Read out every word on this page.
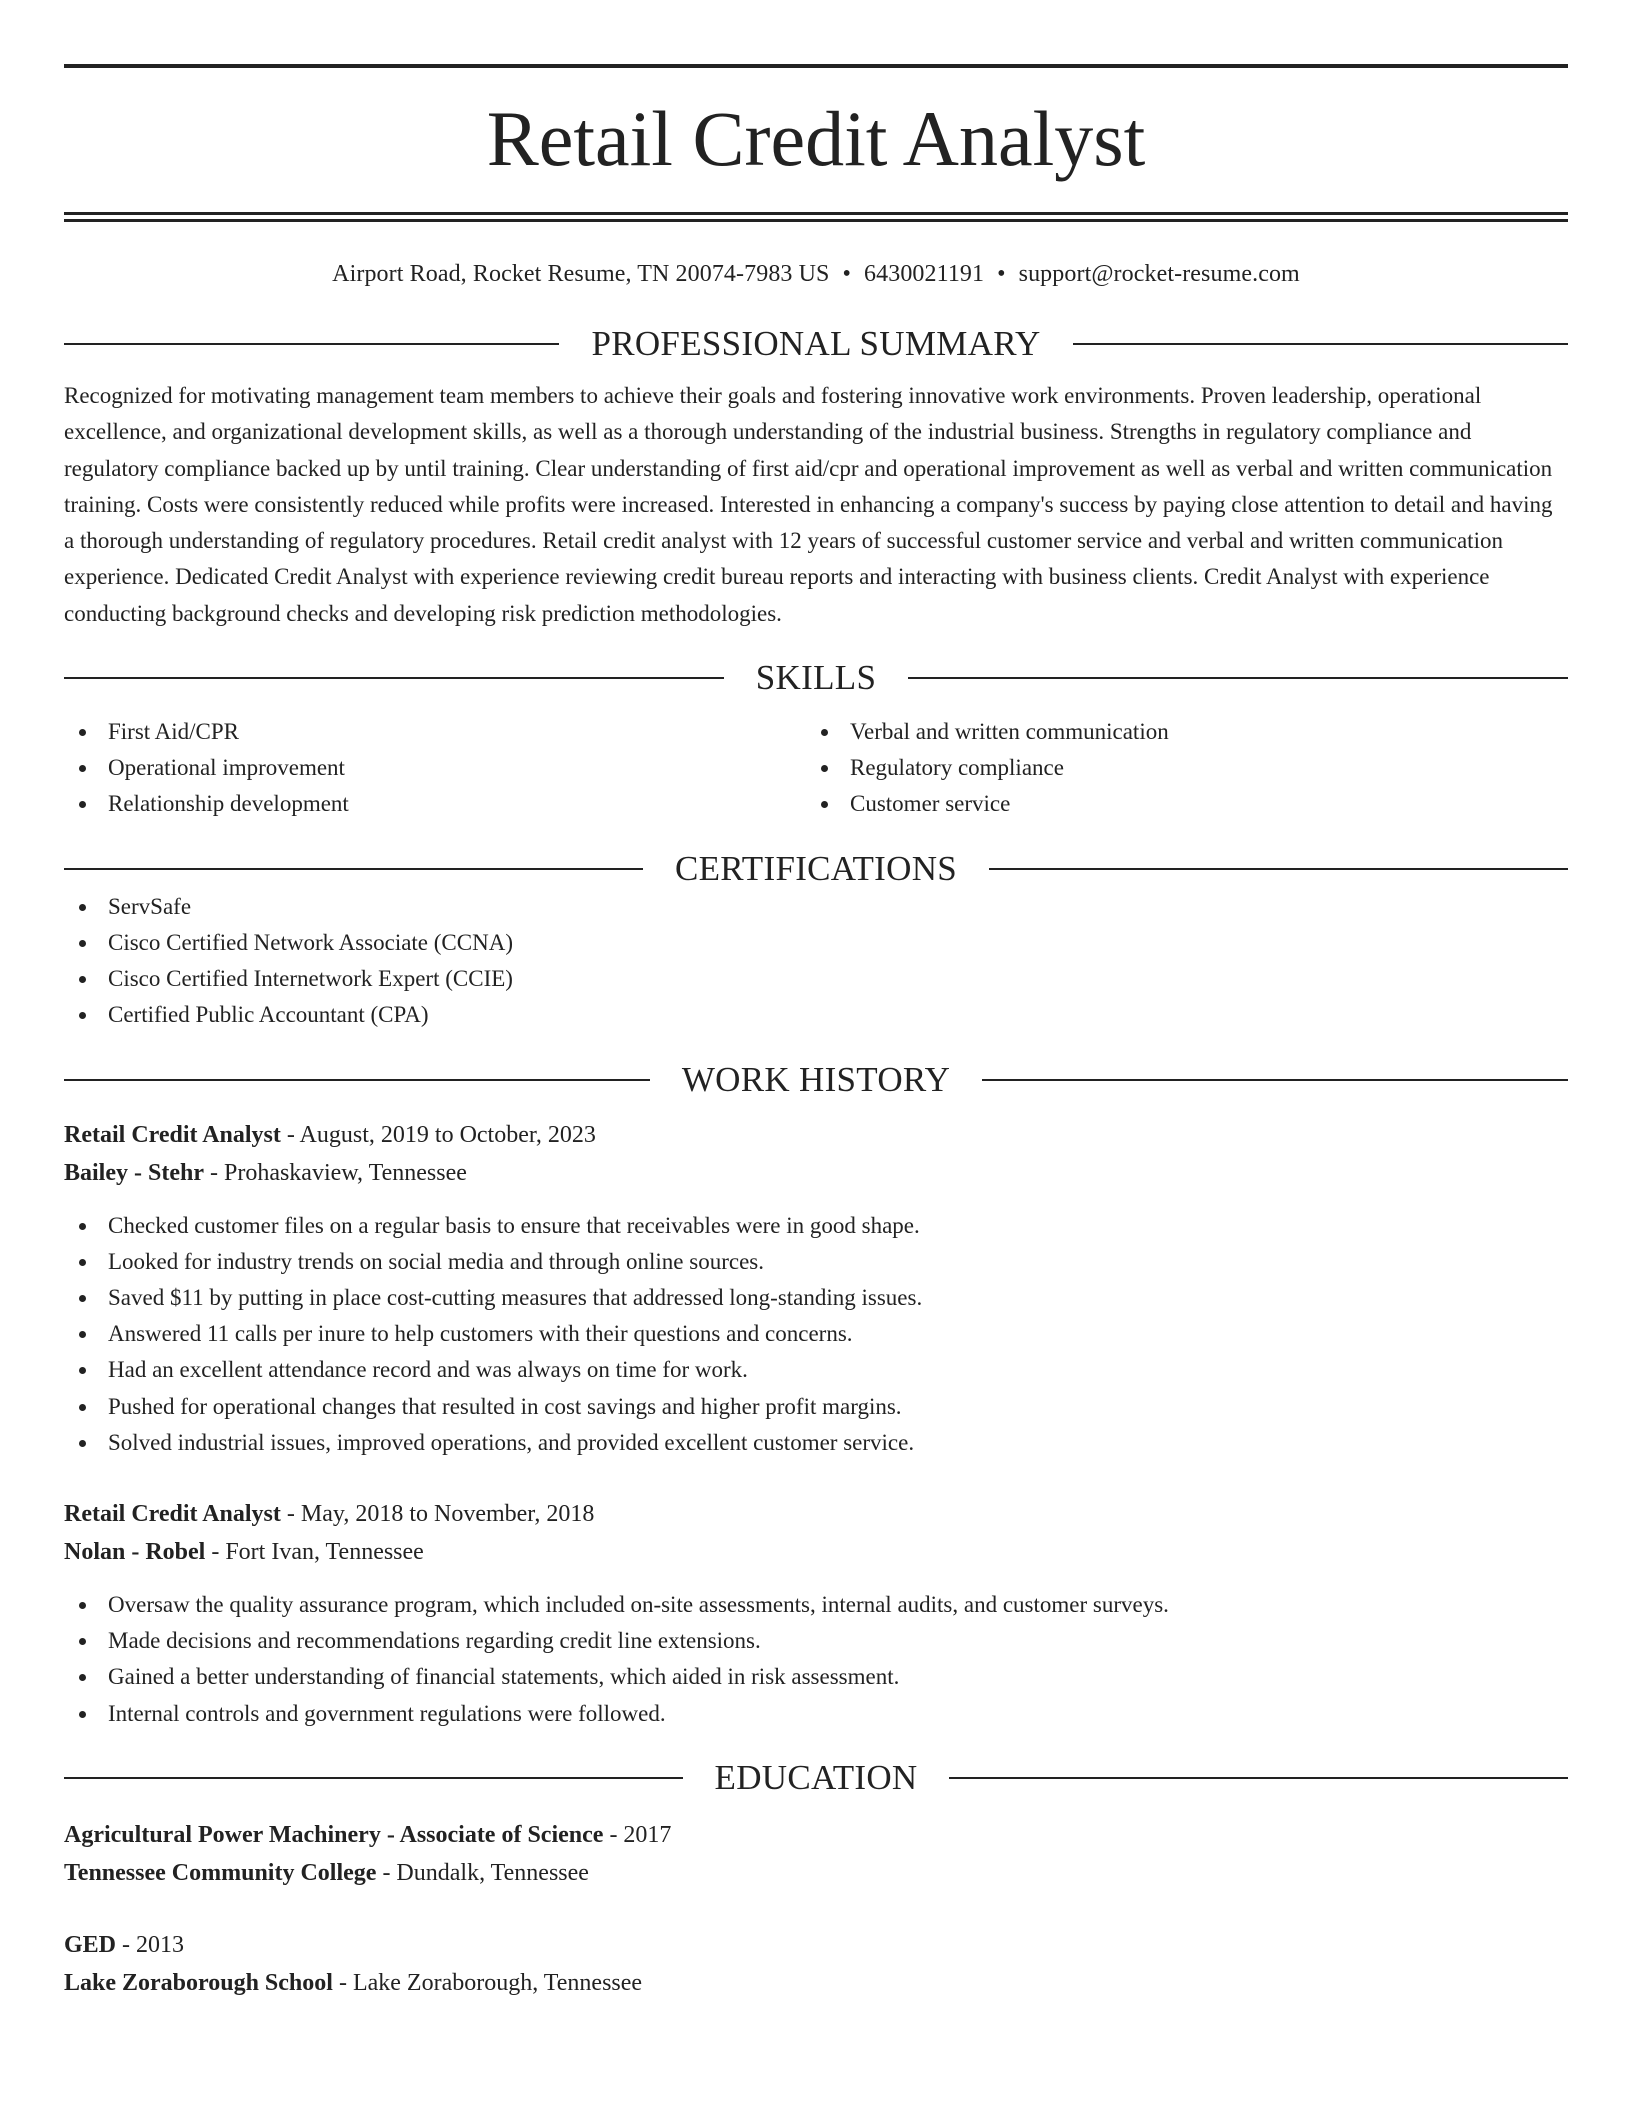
Retail Credit Analyst
Airport Road, Rocket Resume, TN 20074-7983 US • 6430021191 • support@rocket-resume.com
PROFESSIONAL SUMMARY

Recognized for motivating management team members to achieve their goals and fostering innovative work environments. Proven leadership, operational excellence, and organizational development skills, as well as a thorough understanding of the industrial business. Strengths in regulatory compliance and regulatory compliance backed up by until training. Clear understanding of first aid/cpr and operational improvement as well as verbal and written communication training. Costs were consistently reduced while profits were increased. Interested in enhancing a company's success by paying close attention to detail and having a thorough understanding of regulatory procedures. Retail credit analyst with 12 years of successful customer service and verbal and written communication experience. Dedicated Credit Analyst with experience reviewing credit bureau reports and interacting with business clients. Credit Analyst with experience conducting background checks and developing risk prediction methodologies.

SKILLS
First Aid/CPR
Operational improvement
Relationship development
Verbal and written communication
Regulatory compliance
Customer service
CERTIFICATIONS
ServSafe
Cisco Certified Network Associate (CCNA)
Cisco Certified Internetwork Expert (CCIE)
Certified Public Accountant (CPA)
WORK HISTORY
Retail Credit Analyst - August, 2019 to October, 2023
Bailey - Stehr - Prohaskaview, Tennessee
Checked customer files on a regular basis to ensure that receivables were in good shape.
Looked for industry trends on social media and through online sources.
Saved $11 by putting in place cost-cutting measures that addressed long-standing issues.
Answered 11 calls per inure to help customers with their questions and concerns.
Had an excellent attendance record and was always on time for work.
Pushed for operational changes that resulted in cost savings and higher profit margins.
Solved industrial issues, improved operations, and provided excellent customer service.
Retail Credit Analyst - May, 2018 to November, 2018
Nolan - Robel - Fort Ivan, Tennessee
Oversaw the quality assurance program, which included on-site assessments, internal audits, and customer surveys.
Made decisions and recommendations regarding credit line extensions.
Gained a better understanding of financial statements, which aided in risk assessment.
Internal controls and government regulations were followed.
EDUCATION
Agricultural Power Machinery - Associate of Science - 2017
Tennessee Community College - Dundalk, Tennessee
GED - 2013
Lake Zoraborough School - Lake Zoraborough, Tennessee
